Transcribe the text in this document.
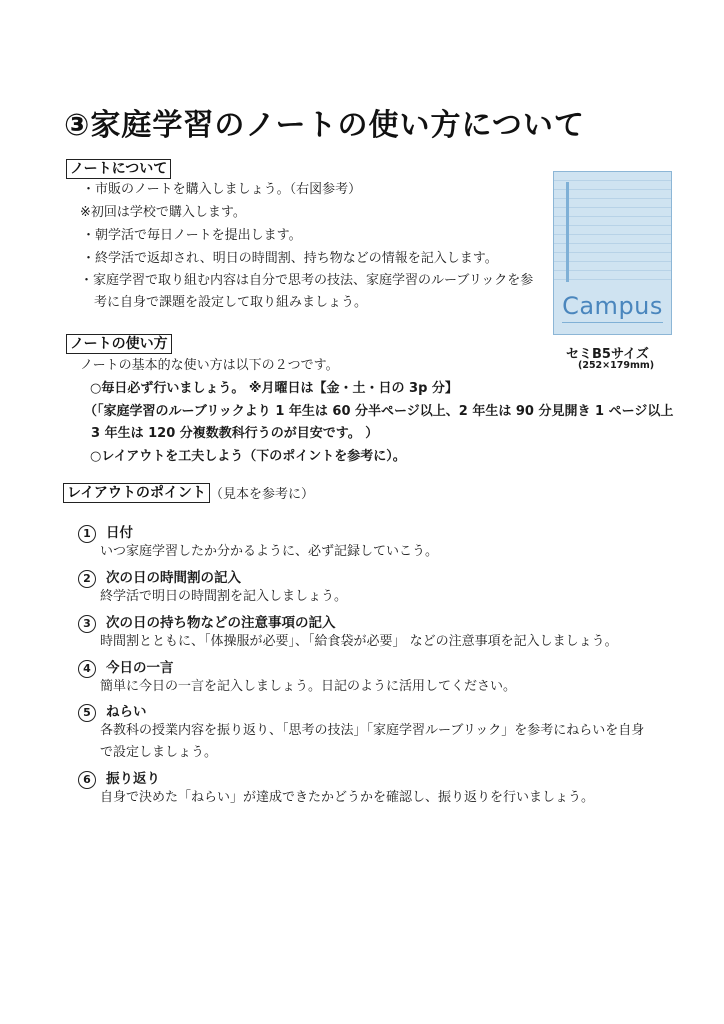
③家庭学習のノートの使い方について
ノートについて
・市販のノートを購入しましょう。（右図参考）
※初回は学校で購入します。
・朝学活で毎日ノートを提出します。
・終学活で返却され、明日の時間割、持ち物などの情報を記入します。
・家庭学習で取り組む内容は自分で思考の技法、家庭学習のルーブリックを参
考に自身で課題を設定して取り組みましょう。	Campus
セミB5サイズ
(252×179mm)
ノートの使い方
ノートの基本的な使い方は以下の２つです。
○毎日必ず行いましょう。 ※月曜日は【金・土・日の 3p 分】
（「家庭学習のルーブリックより 1 年生は 60 分半ページ以上、2 年生は 90 分見開き 1 ページ以上
3 年生は 120 分複数教科行うのが目安です。 ）
○レイアウトを工夫しよう（下のポイントを参考に）。
レイアウトのポイント （見本を参考に）
1 日付
いつ家庭学習したか分かるように、必ず記録していこう。
2 次の日の時間割の記入
終学活で明日の時間割を記入しましょう。
3 次の日の持ち物などの注意事項の記入
時間割とともに、「体操服が必要」、「給食袋が必要」 などの注意事項を記入しましょう。
4 今日の一言
簡単に今日の一言を記入しましょう。日記のように活用してください。
5 ねらい
各教科の授業内容を振り返り、「思考の技法」「家庭学習ルーブリック」を参考にねらいを自身
で設定しましょう。
6 振り返り
自身で決めた「ねらい」が達成できたかどうかを確認し、振り返りを行いましょう。
